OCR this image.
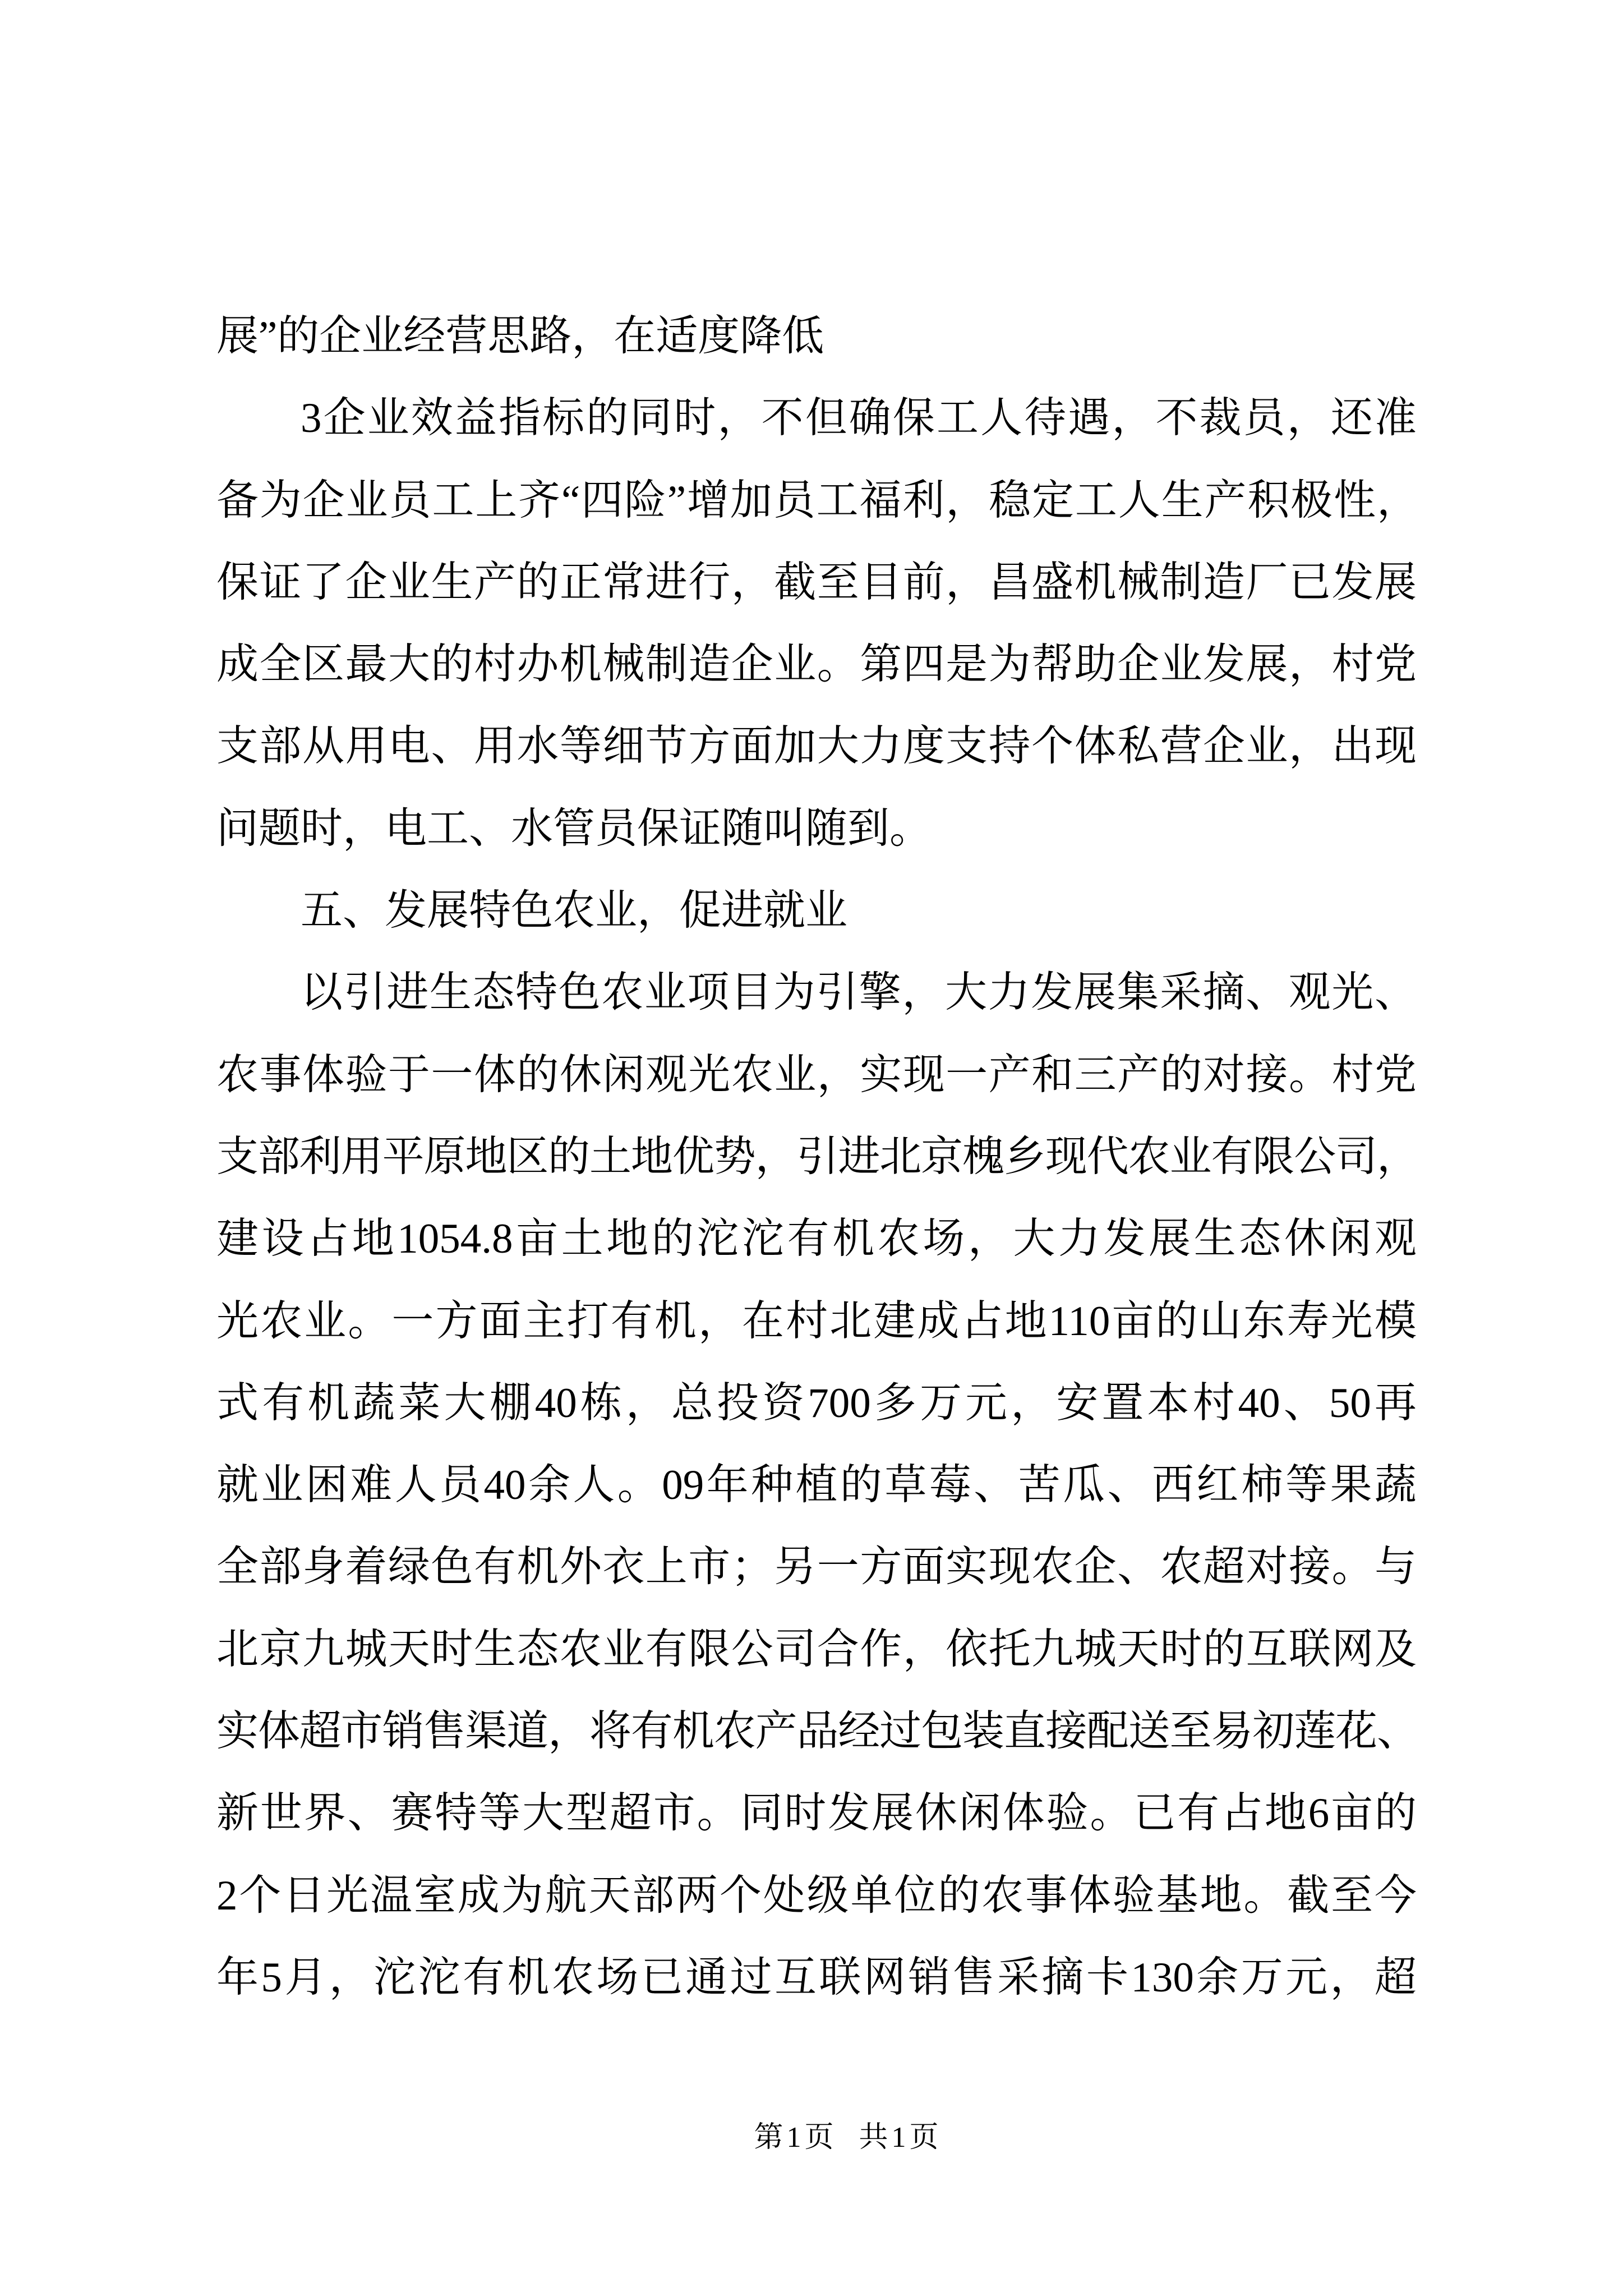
展”的企业经营思路，在适度降低
3企业效益指标的同时，不但确保工人待遇，不裁员，还准
备为企业员工上齐“四险”增加员工福利，稳定工人生产积极性，
保证了企业生产的正常进行，截至目前，昌盛机械制造厂已发展
成全区最大的村办机械制造企业。第四是为帮助企业发展，村党
支部从用电、用水等细节方面加大力度支持个体私营企业，出现
问题时，电工、水管员保证随叫随到。
五、发展特色农业，促进就业
以引进生态特色农业项目为引擎，大力发展集采摘、观光、
农事体验于一体的休闲观光农业，实现一产和三产的对接。村党
支部利用平原地区的土地优势，引进北京槐乡现代农业有限公司，
建设占地1054.8亩土地的沱沱有机农场，大力发展生态休闲观
光农业。一方面主打有机，在村北建成占地110亩的山东寿光模
式有机蔬菜大棚40栋，总投资700多万元，安置本村40、50再
就业困难人员40余人。09年种植的草莓、苦瓜、西红柿等果蔬
全部身着绿色有机外衣上市；另一方面实现农企、农超对接。与
北京九城天时生态农业有限公司合作，依托九城天时的互联网及
实体超市销售渠道，将有机农产品经过包装直接配送至易初莲花、
新世界、赛特等大型超市。同时发展休闲体验。已有占地6亩的
2个日光温室成为航天部两个处级单位的农事体验基地。截至今
年5月，沱沱有机农场已通过互联网销售采摘卡130余万元，超
第1页 共1页
